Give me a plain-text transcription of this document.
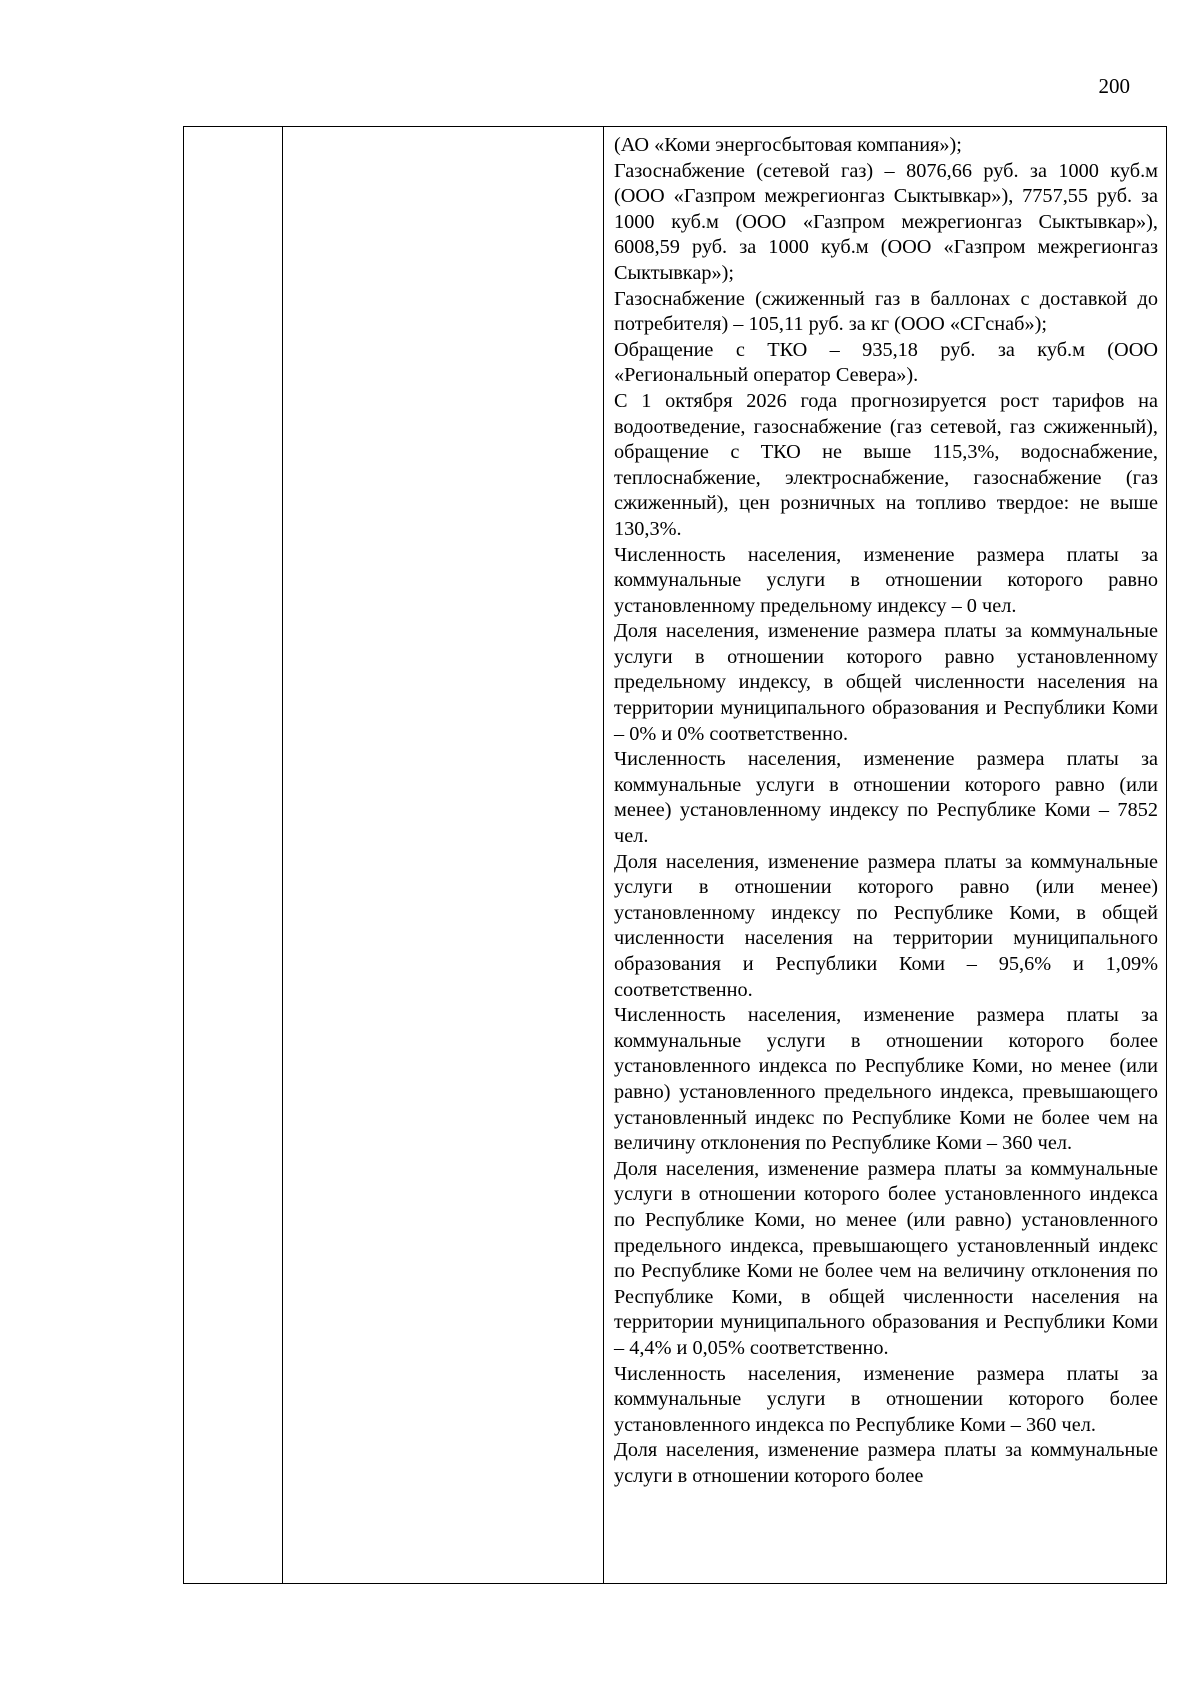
200

(АО «Коми энергосбытовая компания»);

Газоснабжение (сетевой газ) – 8076,66 руб. за 1000 куб.м (ООО «Газпром межрегионгаз Сыктывкар»), 7757,55 руб. за 1000 куб.м (ООО «Газпром межрегионгаз Сыктывкар»), 6008,59 руб. за 1000 куб.м (ООО «Газпром межрегионгаз Сыктывкар»);

Газоснабжение (сжиженный газ в баллонах с доставкой до потребителя) – 105,11 руб. за кг (ООО «СГснаб»);

Обращение с ТКО – 935,18 руб. за куб.м (ООО «Региональный оператор Севера»).

С 1 октября 2026 года прогнозируется рост тарифов на водоотведение, газоснабжение (газ сетевой, газ сжиженный), обращение с ТКО не выше 115,3%, водоснабжение, теплоснабжение, электроснабжение, газоснабжение (газ сжиженный), цен розничных на топливо твердое: не выше 130,3%.

Численность населения, изменение размера платы за коммунальные услуги в отношении которого равно установленному предельному индексу – 0 чел.

Доля населения, изменение размера платы за коммунальные услуги в отношении которого равно установленному предельному индексу, в общей численности населения на территории муниципального образования и Республики Коми – 0% и 0% соответственно.

Численность населения, изменение размера платы за коммунальные услуги в отношении которого равно (или менее) установленному индексу по Республике Коми – 7852 чел.

Доля населения, изменение размера платы за коммунальные услуги в отношении которого равно (или менее) установленному индексу по Республике Коми, в общей численности населения на территории муниципального образования и Республики Коми – 95,6% и 1,09% соответственно.

Численность населения, изменение размера платы за коммунальные услуги в отношении которого более установленного индекса по Республике Коми, но менее (или равно) установленного предельного индекса, превышающего установленный индекс по Республике Коми не более чем на величину отклонения по Республике Коми – 360 чел.

Доля населения, изменение размера платы за коммунальные услуги в отношении которого более установленного индекса по Республике Коми, но менее (или равно) установленного предельного индекса, превышающего установленный индекс по Республике Коми не более чем на величину отклонения по Республике Коми, в общей численности населения на территории муниципального образования и Республики Коми – 4,4% и 0,05% соответственно.

Численность населения, изменение размера платы за коммунальные услуги в отношении которого более установленного индекса по Республике Коми – 360 чел.

Доля населения, изменение размера платы за коммунальные услуги в отношении которого более
